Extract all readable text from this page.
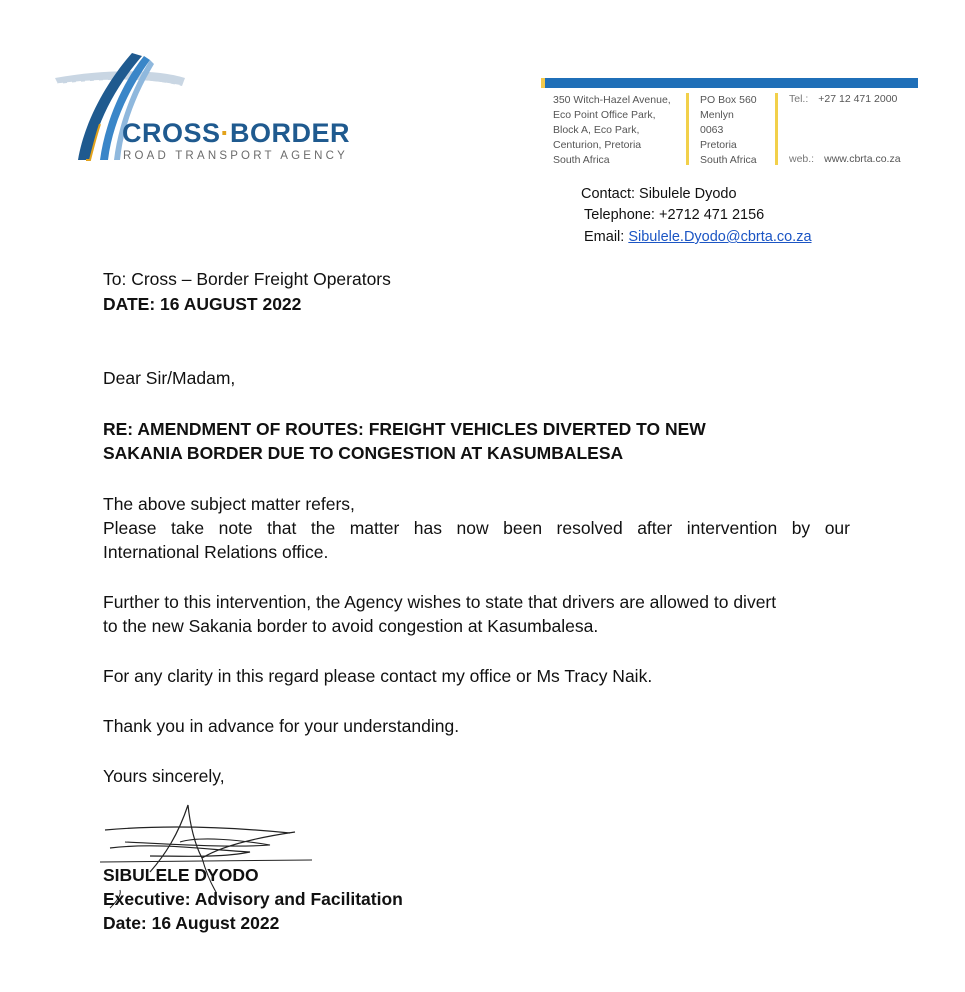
CROSS·BORDER
ROAD TRANSPORT AGENCY
350 Witch-Hazel Avenue,
Eco Point Office Park,
Block A, Eco Park,
Centurion, Pretoria
South Africa
PO Box 560
Menlyn
0063
Pretoria
South Africa
Tel.: +27 12 471 2000
web.: www.cbrta.co.za
Contact: Sibulele Dyodo
Telephone: +2712 471 2156
Email: Sibulele.Dyodo@cbrta.co.za
To: Cross – Border Freight Operators
DATE: 16 AUGUST 2022
Dear Sir/Madam,
RE: AMENDMENT OF ROUTES: FREIGHT VEHICLES DIVERTED TO NEW
SAKANIA BORDER DUE TO CONGESTION AT KASUMBALESA
The above subject matter refers,
Please take note that the matter has now been resolved after intervention by our
International Relations office.
Further to this intervention, the Agency wishes to state that drivers are allowed to divert
to the new Sakania border to avoid congestion at Kasumbalesa.
For any clarity in this regard please contact my office or Ms Tracy Naik.
Thank you in advance for your understanding.
Yours sincerely,
SIBULELE DYODO
Executive: Advisory and Facilitation
Date: 16 August 2022
